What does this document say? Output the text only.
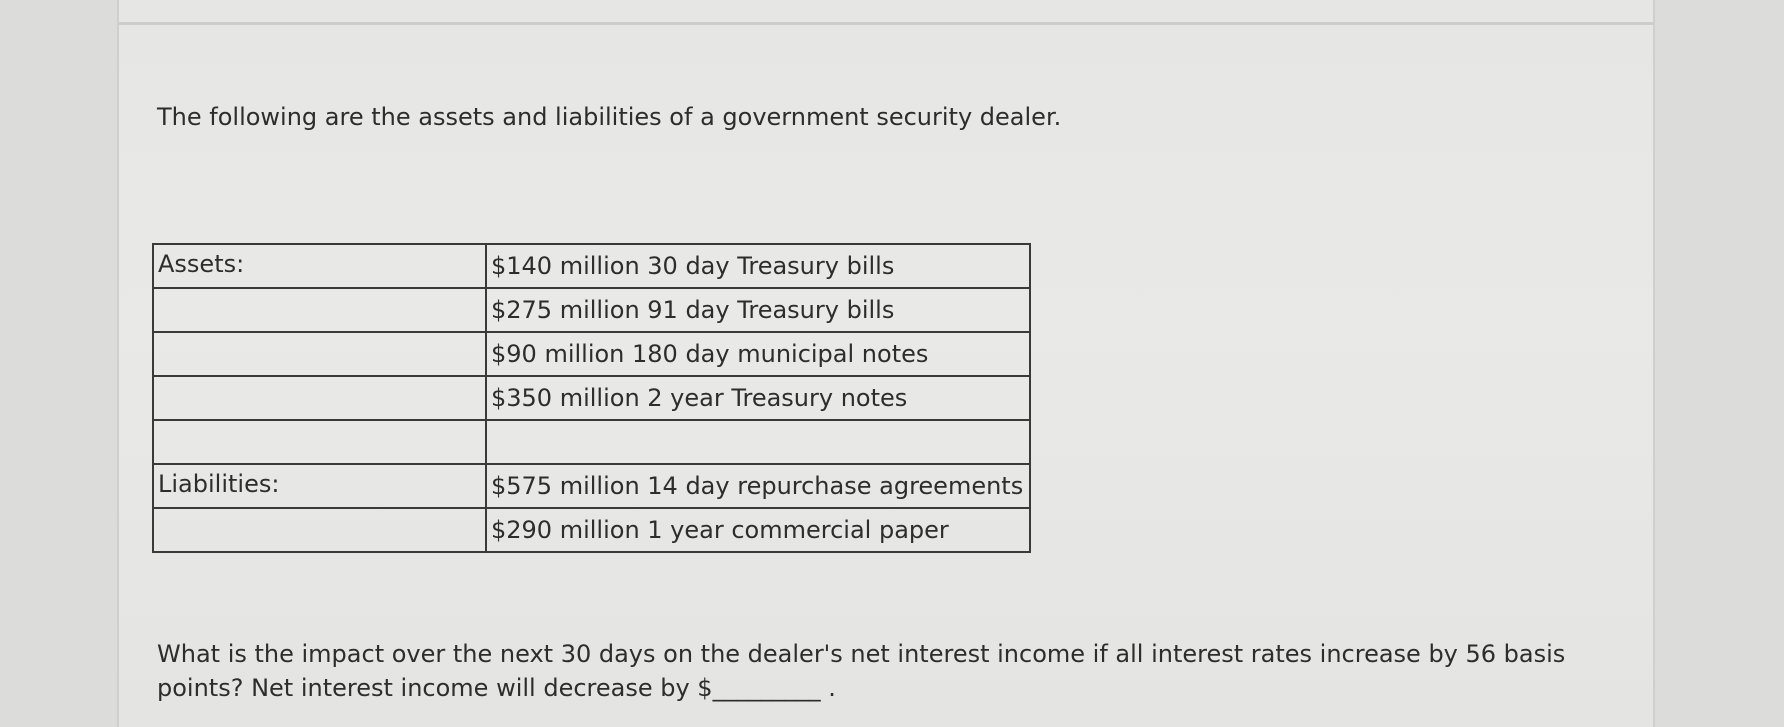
The following are the assets and liabilities of a government security dealer.

Assets:	$140 million 30 day Treasury bills
	$275 million 91 day Treasury bills
	$90 million 180 day municipal notes
	$350 million 2 year Treasury notes

Liabilities:	$575 million 14 day repurchase agreements
	$290 million 1 year commercial paper

What is the impact over the next 30 days on the dealer's net interest income if all interest rates increase by 56 basis points? Net interest income will decrease by $_________ .
